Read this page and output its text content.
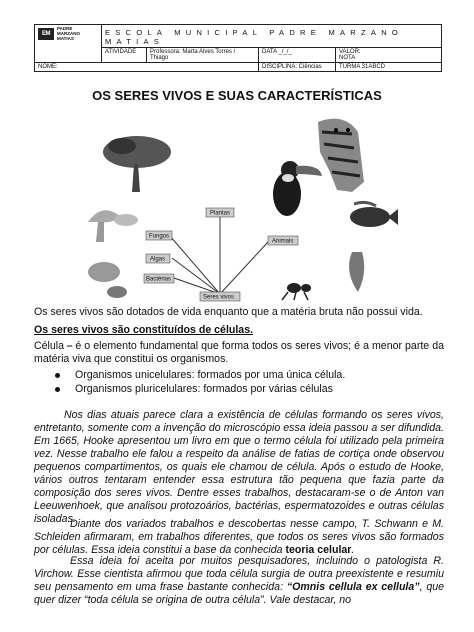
EM
PADRE
MARZANO
MATIAS	ESCOLA MUNICIPAL PADRE MARZANO MATIAS			
	ATIVIDADE	Professora: Marta Alves Torres / Thiago	DATA _/_/_	VALOR:
NOTA

NOME:			DISCIPLINA: Ciências	TURMA 31ABCD
OS SERES VIVOS E SUAS CARACTERÍSTICAS
Plantas
Fungos
Algas
Bactérias
Animais
Seres vivos
Os seres vivos são dotados de vida enquanto que a matéria bruta não possui vida.
Os seres vivos são constituídos de células.
Célula ⎯ é o elemento fundamental que forma todos os seres vivos; é a menor parte da matéria viva que constitui os organismos.
Organismos unicelulares: formados por uma única célula.
Organismos pluricelulares: formados por várias células
Nos dias atuais parece clara a existência de células formando os seres vivos, entretanto, somente com a invenção do microscópio essa ideia passou a ser difundida. Em 1665, Hooke apresentou um livro em que o termo célula foi utilizado pela primeira vez. Nesse trabalho ele falou a respeito da análise de fatias de cortiça onde observou pequenos compartimentos, os quais ele chamou de célula. Após o estudo de Hooke, vários outros tentaram entender essa estrutura tão pequena que fazia parte da composição dos seres vivos. Dentre esses trabalhos, destacaram-se o de Anton van Leeuwenhoek, que analisou protozoários, bactérias, espermatozoides e outras células isoladas.
Diante dos variados trabalhos e descobertas nesse campo, T. Schwann e M. Schleiden afirmaram, em trabalhos diferentes, que todos os seres vivos são formados por células. Essa ideia constitui a base da conhecida teoria celular.
Essa ideia foi aceita por muitos pesquisadores, incluindo o patologista R. Virchow. Esse cientista afirmou que toda célula surgia de outra preexistente e resumiu seu pensamento em uma frase bastante conhecida: “Omnis cellula ex cellula”, que quer dizer “toda célula se origina de outra célula”. Vale destacar, no
